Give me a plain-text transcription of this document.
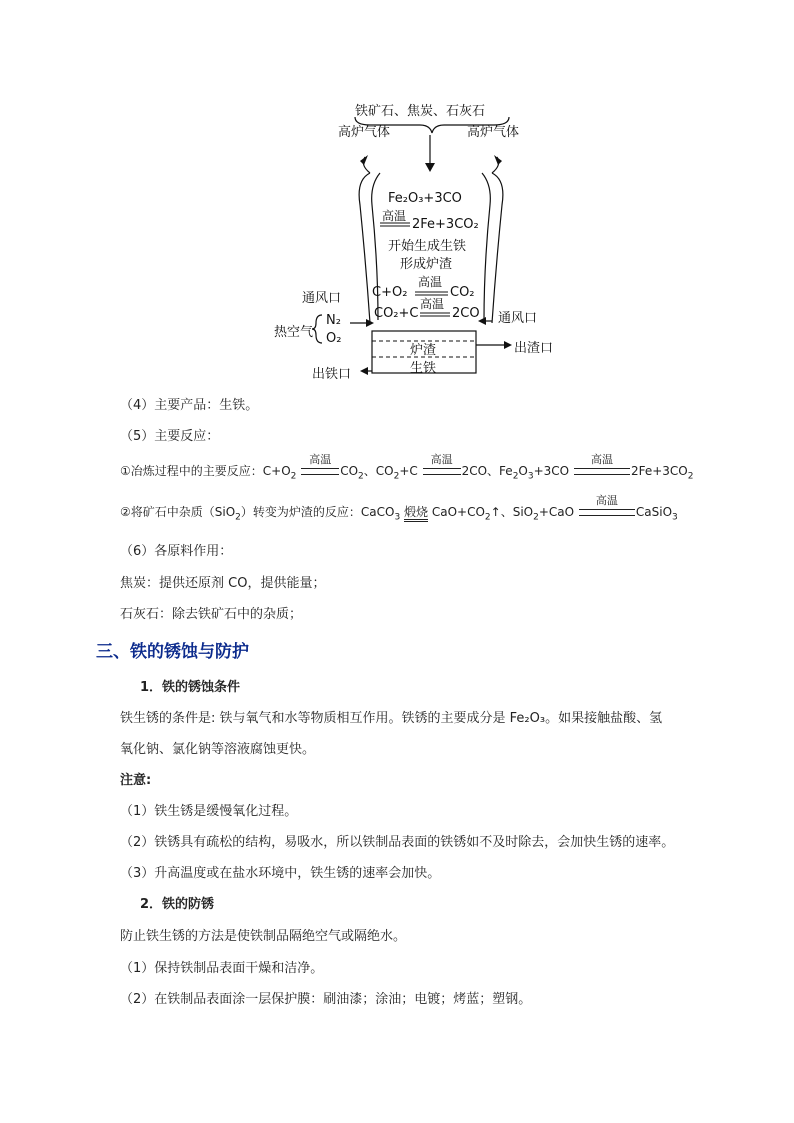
铁矿石、焦炭、石灰石
高炉气体	高炉气体
Fe₂O₃+3CO
高温
2Fe+3CO₂
开始生成生铁
形成炉渣
高温
C+O₂	CO₂
高温
CO₂+C	2CO
通风口
热空气
N₂
O₂
通风口
炉渣
生铁
出渣口
出铁口
（4）主要产品：生铁。
（5）主要反应：
①冶炼过程中的主要反应：$C+O_2$
高温
$CO_2$、$CO_2+C$
高温
2CO、$Fe_2O_3+3CO$
高温
$2Fe+3CO_2$
②将矿石中杂质（SiO$_2$）转变为炉渣的反应：CaCO$_3$ 煅烧 $CaO+CO_2↑$、SiO$_2$+CaO
高温
CaSiO$_3$
（6）各原料作用：
焦炭：提供还原剂 CO，提供能量；
石灰石：除去铁矿石中的杂质；
三、铁的锈蚀与防护
1．铁的锈蚀条件
铁生锈的条件是: 铁与氧气和水等物质相互作用。铁锈的主要成分是 Fe₂O₃。如果接触盐酸、氢
氧化钠、氯化钠等溶液腐蚀更快。
注意:
（1）铁生锈是缓慢氧化过程。
（2）铁锈具有疏松的结构，易吸水，所以铁制品表面的铁锈如不及时除去，会加快生锈的速率。
（3）升高温度或在盐水环境中，铁生锈的速率会加快。
2．铁的防锈
防止铁生锈的方法是使铁制品隔绝空气或隔绝水。
（1）保持铁制品表面干燥和洁净。
（2）在铁制品表面涂一层保护膜：刷油漆；涂油；电镀；烤蓝；塑钢。
